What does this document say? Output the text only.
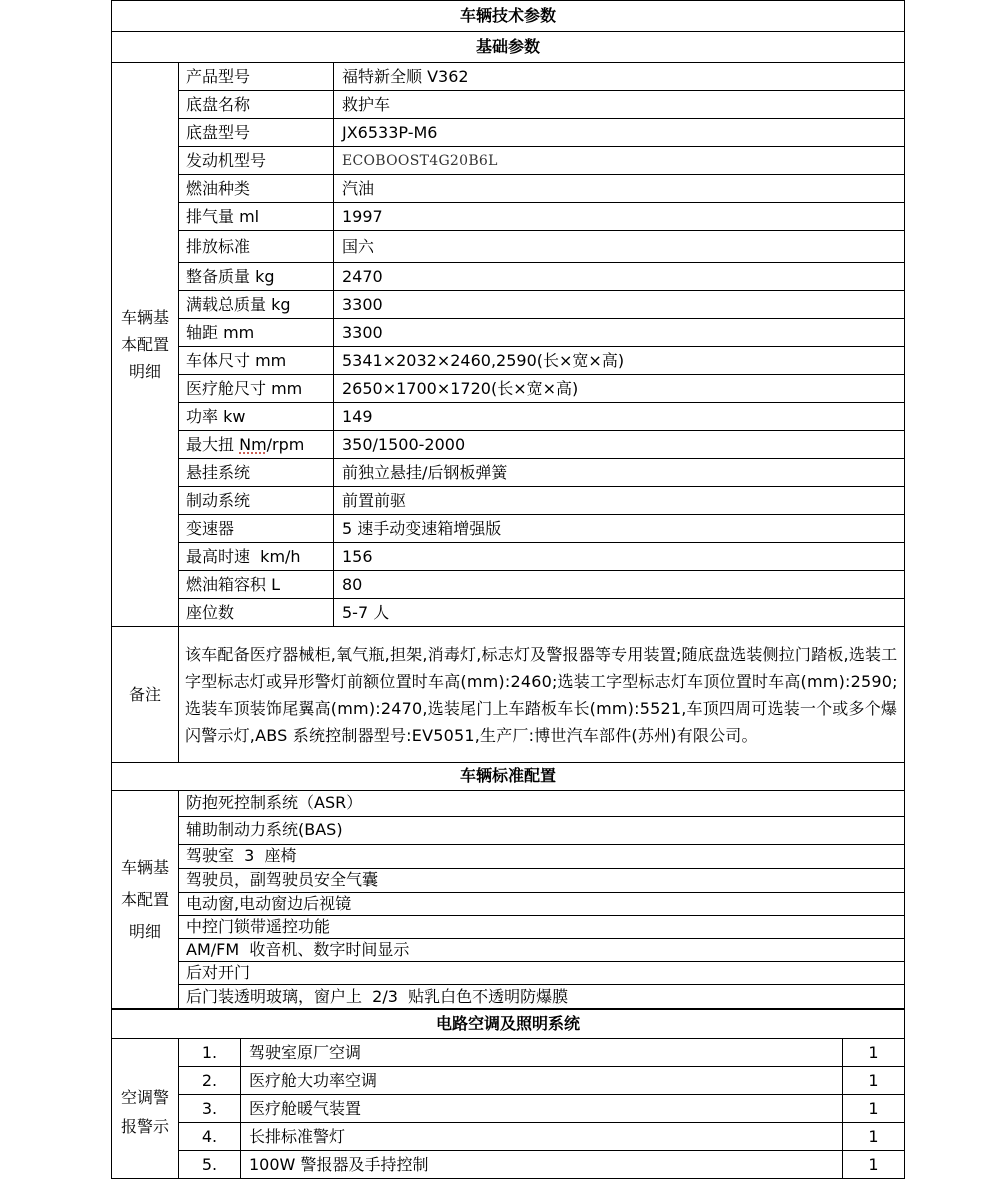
车辆技术参数		
基础参数		
车辆基本配置明细	产品型号	福特新全顺 V362
	底盘名称	救护车
	底盘型号	JX6533P-M6
	发动机型号	ECOBOOST4G20B6L
	燃油种类	汽油
	排气量 ml	1997
	排放标准	国六
	整备质量 kg	2470
	满载总质量 kg	3300
	轴距 mm	3300
	车体尺寸 mm	5341×2032×2460,2590(长×宽×高)
	医疗舱尺寸 mm	2650×1700×1720(长×宽×高)
	功率 kw	149
	最大扭 Nm/rpm	350/1500-2000
	悬挂系统	前独立悬挂/后钢板弹簧
	制动系统	前置前驱
	变速器	5 速手动变速箱增强版
	最高时速  km/h	156
	燃油箱容积 L	80
	座位数	5-7 人
备注	该车配备医疗器械柜,氧气瓶,担架,消毒灯,标志灯及警报器等专用装置;随底盘选装侧拉门踏板,选装工字型标志灯或异形警灯前额位置时车高(mm):2460;选装工字型标志灯车顶位置时车高(mm):2590;选装车顶装饰尾翼高(mm):2470,选装尾门上车踏板车长(mm):5521,车顶四周可选装一个或多个爆闪警示灯,ABS 系统控制器型号:EV5051,生产厂:博世汽车部件(苏州)有限公司。	
车辆标准配置
车辆基本配置明细	防抱死控制系统（ASR）
辅助制动力系统(BAS)
驾驶室  3  座椅
驾驶员，副驾驶员安全气囊
电动窗,电动窗边后视镜
中控门锁带遥控功能
AM/FM  收音机、数字时间显示
后对开门
后门装透明玻璃，窗户上  2/3  贴乳白色不透明防爆膜
电路空调及照明系统			
空调警报警示	1.	驾驶室原厂空调	1
	2.	医疗舱大功率空调	1
	3.	医疗舱暖气装置	1
	4.	长排标准警灯	1
	5.	100W 警报器及手持控制	1
